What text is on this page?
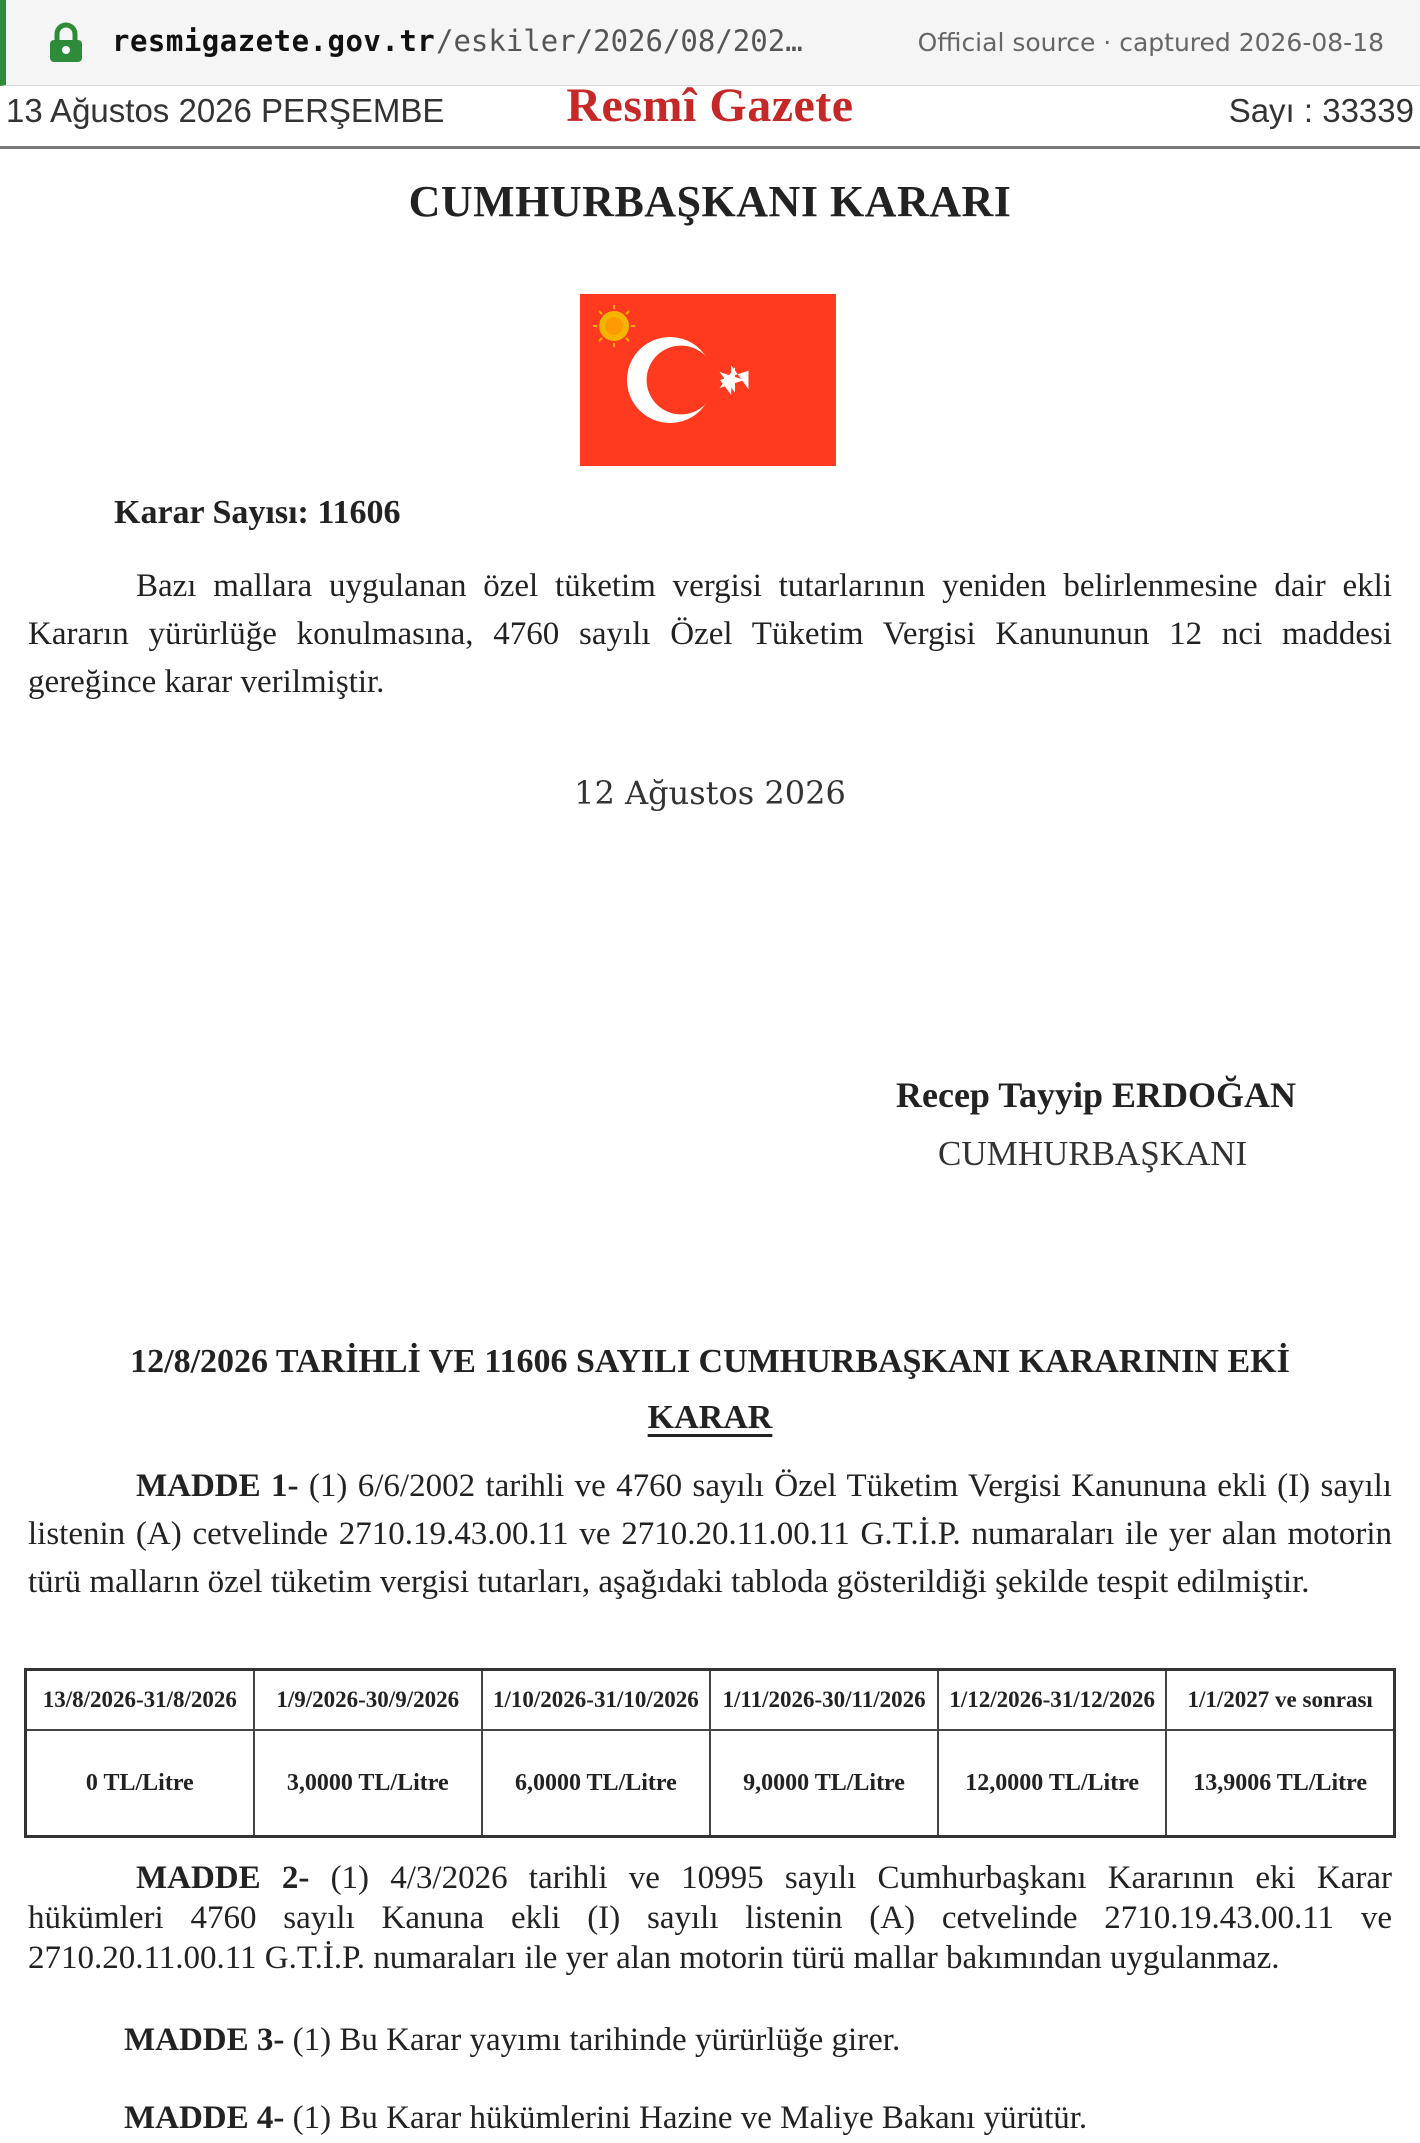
resmigazete.gov.tr /eskiler/2026/08/202…	Official source · captured 2026-08-18
13 Ağustos 2026 PERŞEMBE	Resmî Gazete	Sayı : 33339
CUMHURBAŞKANI KARARI
Karar Sayısı: 11606
Bazı mallara uygulanan özel tüketim vergisi tutarlarının yeniden belirlenmesine dair ekli Kararın yürürlüğe konulmasına, 4760 sayılı Özel Tüketim Vergisi Kanununun 12 nci maddesi gereğince karar verilmiştir.
12 Ağustos 2026
Recep Tayyip ERDOĞAN
CUMHURBAŞKANI
12/8/2026 TARİHLİ VE 11606 SAYILI CUMHURBAŞKANI KARARININ EKİ
KARAR
MADDE 1- (1) 6/6/2002 tarihli ve 4760 sayılı Özel Tüketim Vergisi Kanununa ekli (I) sayılı listenin (A) cetvelinde 2710.19.43.00.11 ve 2710.20.11.00.11 G.T.İ.P. numaraları ile yer alan motorin türü malların özel tüketim vergisi tutarları, aşağıdaki tabloda gösterildiği şekilde tespit edilmiştir.
13/8/2026-31/8/2026	1/9/2026-30/9/2026	1/10/2026-31/10/2026	1/11/2026-30/11/2026	1/12/2026-31/12/2026	1/1/2027 ve sonrası
0 TL/Litre	3,0000 TL/Litre	6,0000 TL/Litre	9,0000 TL/Litre	12,0000 TL/Litre	13,9006 TL/Litre
MADDE 2- (1) 4/3/2026 tarihli ve 10995 sayılı Cumhurbaşkanı Kararının eki Karar hükümleri 4760 sayılı Kanuna ekli (I) sayılı listenin (A) cetvelinde 2710.19.43.00.11 ve 2710.20.11.00.11 G.T.İ.P. numaraları ile yer alan motorin türü mallar bakımından uygulanmaz.
MADDE 3- (1) Bu Karar yayımı tarihinde yürürlüğe girer.
MADDE 4- (1) Bu Karar hükümlerini Hazine ve Maliye Bakanı yürütür.
